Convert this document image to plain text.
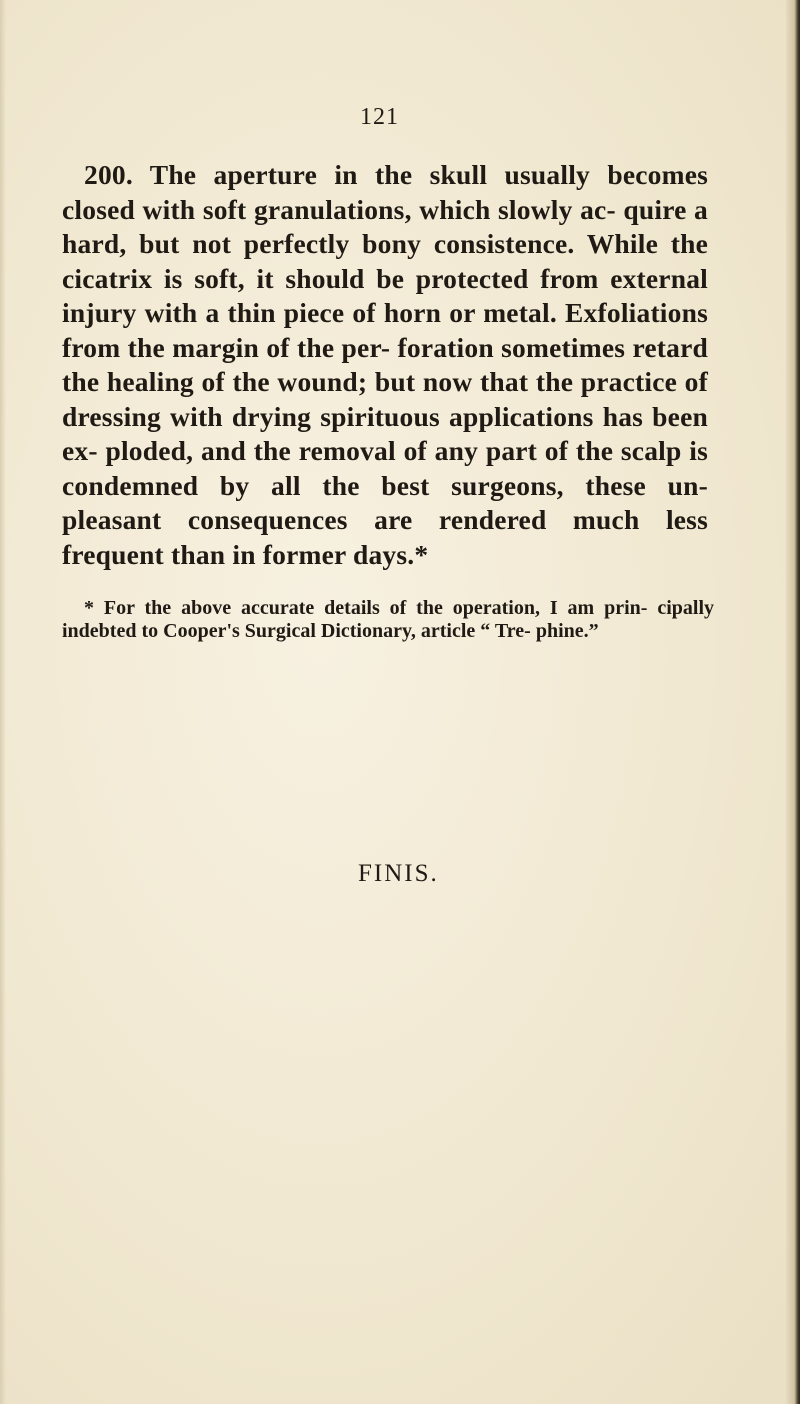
121

200. The aperture in the skull usually becomes closed with soft granulations, which slowly ac- quire a hard, but not perfectly bony consistence. While the cicatrix is soft, it should be protected from external injury with a thin piece of horn or metal. Exfoliations from the margin of the per- foration sometimes retard the healing of the wound; but now that the practice of dressing with drying spirituous applications has been ex- ploded, and the removal of any part of the scalp is condemned by all the best surgeons, these un- pleasant consequences are rendered much less frequent than in former days.*

* For the above accurate details of the operation, I am prin- cipally indebted to Cooper's Surgical Dictionary, article “ Tre- phine.”

FINIS.
